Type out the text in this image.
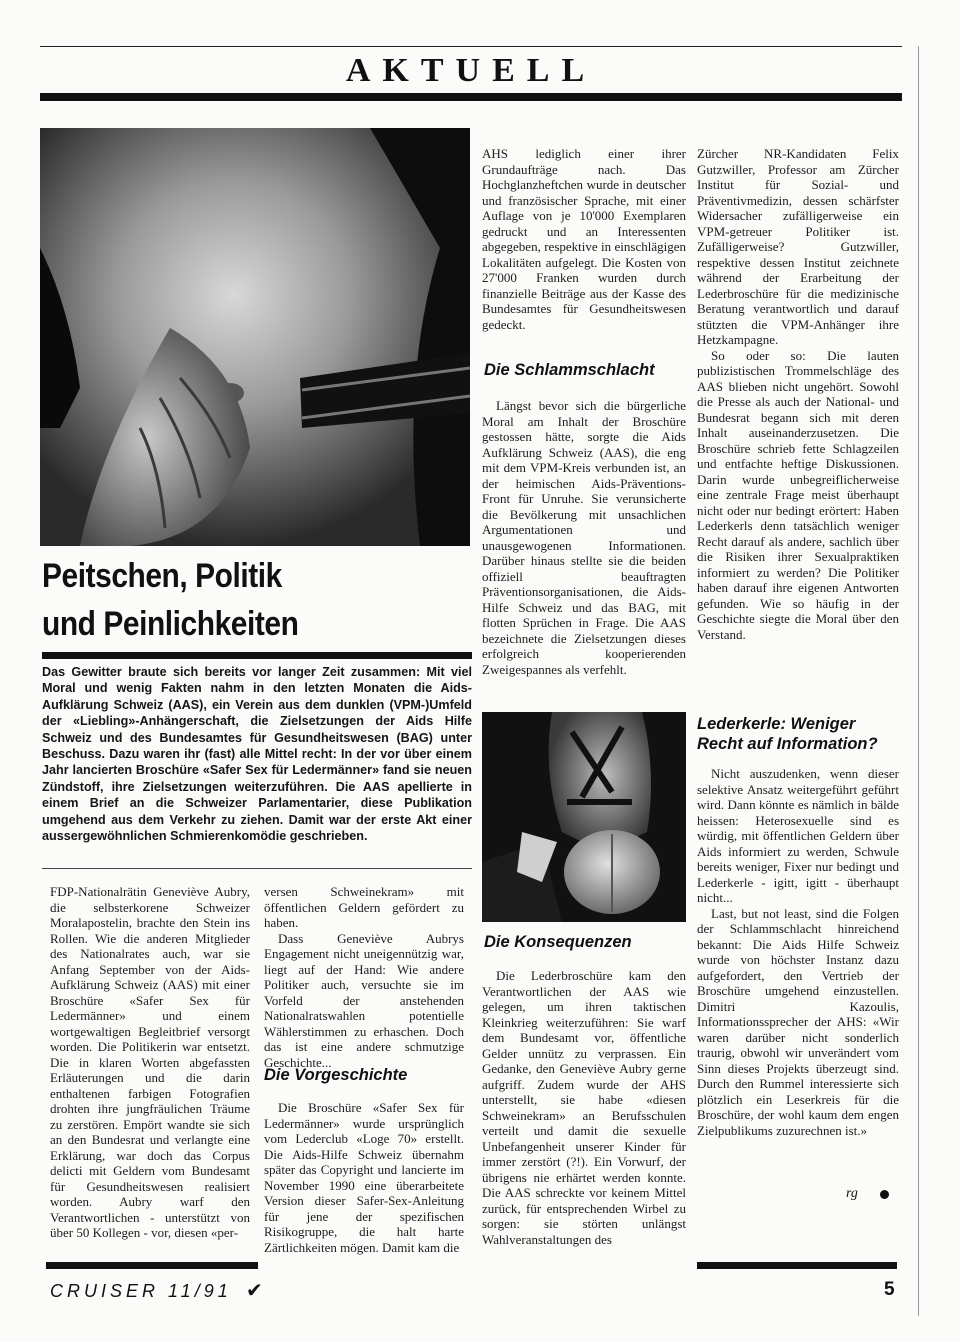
AKTUELL
Peitschen, Politik
und Peinlichkeiten
Das Gewitter braute sich bereits vor langer Zeit zusammen: Mit viel Moral und wenig Fakten nahm in den letzten Monaten die Aids-Aufklärung Schweiz (AAS), ein Verein aus dem dunklen (VPM-)Umfeld der «Liebling»-Anhängerschaft, die Zielsetzungen der Aids Hilfe Schweiz und des Bundesamtes für Gesundheitswesen (BAG) unter Beschuss. Dazu waren ihr (fast) alle Mittel recht: In der vor über einem Jahr lancierten Broschüre «Safer Sex für Ledermänner» fand sie neuen Zündstoff, ihre Zielsetzungen weiterzuführen. Die AAS apellierte in einem Brief an die Schweizer Parlamentarier, diese Publikation umgehend aus dem Verkehr zu ziehen. Damit war der erste Akt einer aussergewöhnlichen Schmierenkomödie geschrieben.

FDP-Nationalrätin Geneviève Aubry, die selbsterkorene Schweizer Moralapostelin, brachte den Stein ins Rollen. Wie die anderen Mitglieder des Nationalrates auch, war sie Anfang September von der Aids-Aufklärung Schweiz (AAS) mit einer Broschüre «Safer Sex für Ledermänner» und einem wortgewaltigen Begleitbrief versorgt worden. Die Politikerin war entsetzt. Die in klaren Worten abgefassten Erläuterungen und die darin enthaltenen farbigen Fotografien drohten ihre jungfräulichen Träume zu zerstören. Empört wandte sie sich an den Bundesrat und verlangte eine Erklärung, war doch das Corpus delicti mit Geldern vom Bundesamt für Gesundheitswesen realisiert worden. Aubry warf den Verantwortlichen - unterstützt von über 50 Kollegen - vor, diesen «per-

versen Schweinekram» mit öffentlichen Geldern gefördert zu haben.

Dass Geneviève Aubrys Engagement nicht uneigennützig war, liegt auf der Hand: Wie andere Politiker auch, versuchte sie im Vorfeld der anstehenden Nationalratswahlen potentielle Wählerstimmen zu erhaschen. Doch das ist eine andere schmutzige Geschichte...

Die Vorgeschichte

Die Broschüre «Safer Sex für Ledermänner» wurde ursprünglich vom Lederclub «Loge 70» erstellt. Die Aids-Hilfe Schweiz übernahm später das Copyright und lancierte im November 1990 eine überarbeitete Version dieser Safer-Sex-Anleitung für jene der spezifischen Risikogruppe, die halt harte Zärtlichkeiten mögen. Damit kam die

AHS lediglich einer ihrer Grundaufträge nach. Das Hochglanzheftchen wurde in deutscher und französischer Sprache, mit einer Auflage von je 10'000 Exemplaren gedruckt und an Interessenten abgegeben, respektive in einschlägigen Lokalitäten aufgelegt. Die Kosten von 27'000 Franken wurden durch finanzielle Beiträge aus der Kasse des Bundesamtes für Gesundheitswesen gedeckt.

Die Schlammschlacht

Längst bevor sich die bürgerliche Moral am Inhalt der Broschüre gestossen hätte, sorgte die Aids Aufklärung Schweiz (AAS), die eng mit dem VPM-Kreis verbunden ist, an der heimischen Aids-Präventions-Front für Unruhe. Sie verunsicherte die Bevölkerung mit unsachlichen Argumentationen und unausgewogenen Informationen. Darüber hinaus stellte sie die beiden offiziell beauftragten Präventionsorganisationen, die Aids-Hilfe Schweiz und das BAG, mit flotten Sprüchen in Frage. Die AAS bezeichnete die Zielsetzungen dieses erfolgreich kooperierenden Zweigespannes als verfehlt.

Die Konsequenzen

Die Lederbroschüre kam den Verantwortlichen der AAS wie gelegen, um ihren taktischen Kleinkrieg weiterzuführen: Sie warf dem Bundesamt vor, öffentliche Gelder unnütz zu verprassen. Ein Gedanke, den Geneviève Aubry gerne aufgriff. Zudem wurde der AHS unterstellt, sie habe «diesen Schweinekram» an Berufsschulen verteilt und damit die sexuelle Unbefangenheit unserer Kinder für immer zerstört (?!). Ein Vorwurf, der übrigens nie erhärtet werden konnte. Die AAS schreckte vor keinem Mittel zurück, für entsprechenden Wirbel zu sorgen: sie störten unlängst Wahlveranstaltungen des

Zürcher NR-Kandidaten Felix Gutzwiller, Professor am Zürcher Institut für Sozial- und Präventivmedizin, dessen schärfster Widersacher zufälligerweise ein VPM-getreuer Politiker ist. Zufälligerweise? Gutzwiller, respektive dessen Institut zeichnete während der Erarbeitung der Lederbroschüre für die medizinische Beratung verantwortlich und darauf stützten die VPM-Anhänger ihre Hetzkampagne.

So oder so: Die lauten publizistischen Trommelschläge des AAS blieben nicht ungehört. Sowohl die Presse als auch der National- und Bundesrat begann sich mit deren Inhalt auseinanderzusetzen. Die Broschüre schrieb fette Schlagzeilen und entfachte heftige Diskussionen. Darin wurde unbegreiflicherweise eine zentrale Frage meist überhaupt nicht oder nur bedingt erörtert: Haben Lederkerls denn tatsächlich weniger Recht darauf als andere, sachlich über die Risiken ihrer Sexualpraktiken informiert zu werden? Die Politiker haben darauf ihre eigenen Antworten gefunden. Wie so häufig in der Geschichte siegte die Moral über den Verstand.

Lederkerle: Weniger Recht auf Information?

Nicht auszudenken, wenn dieser selektive Ansatz weitergeführt geführt wird. Dann könnte es nämlich in bälde heissen: Heterosexuelle sind es würdig, mit öffentlichen Geldern über Aids informiert zu werden, Schwule bereits weniger, Fixer nur bedingt und Lederkerle - igitt, igitt - überhaupt nicht...

Last, but not least, sind die Folgen der Schlammschlacht hinreichend bekannt: Die Aids Hilfe Schweiz wurde von höchster Instanz dazu aufgefordert, den Vertrieb der Broschüre umgehend einzustellen. Dimitri Kazoulis, Informationssprecher der AHS: «Wir waren darüber nicht sonderlich traurig, obwohl wir unverändert vom Sinn dieses Projekts überzeugt sind. Durch den Rummel interessierte sich plötzlich ein Leserkreis für die Broschüre, der wohl kaum dem engen Zielpublikums zuzurechnen ist.»

rg
CRUISER 11/91 ✔	5
